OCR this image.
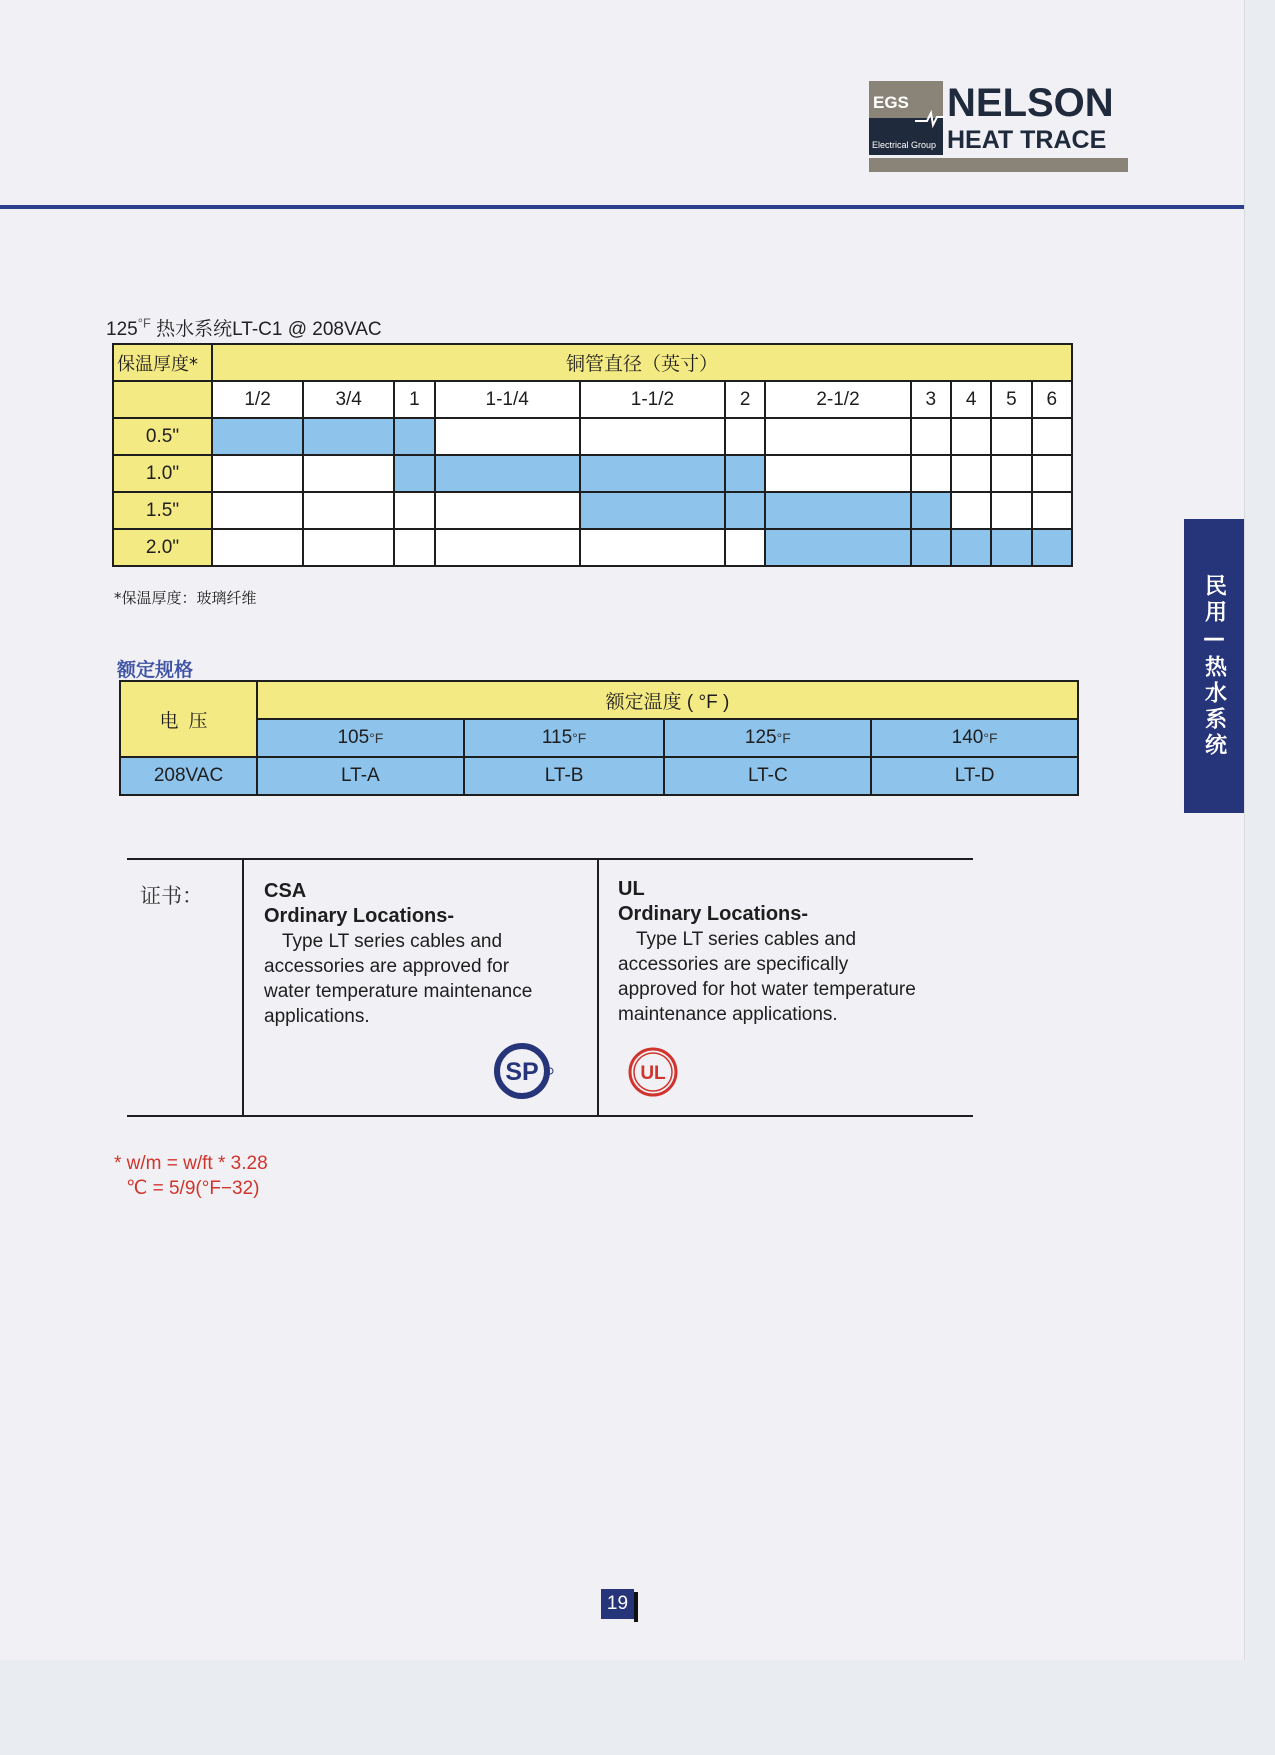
EGS
Electrical Group
NELSON
HEAT TRACE
民用—热水系统
$125^{^\circ F}$ 热水系统LT-C1 @ 208VAC
保温厚度*	铜管直径（英寸）										
	1/2	3/4	1	1-1/4	1-1/2	2	2-1/2	3	4	5	6
0.5"											
1.0"											
1.5"											
2.0"											
*保温厚度：玻璃纤维
额定规格
电压	额定温度 ( °F )			
	105°F	115°F	125°F	140°F
208VAC	LT-A	LT-B	LT-C	LT-D
证书：	CSA
Ordinary Locations-
Type LT series cables and
accessories are approved for
water temperature maintenance
applications.
UL
Ordinary Locations-
Type LT series cables and
accessories are specifically
approved for hot water temperature
maintenance applications.
SP	UL
* w/m = w/ft * 3.28
℃ = 5/9(°F−32)
19
